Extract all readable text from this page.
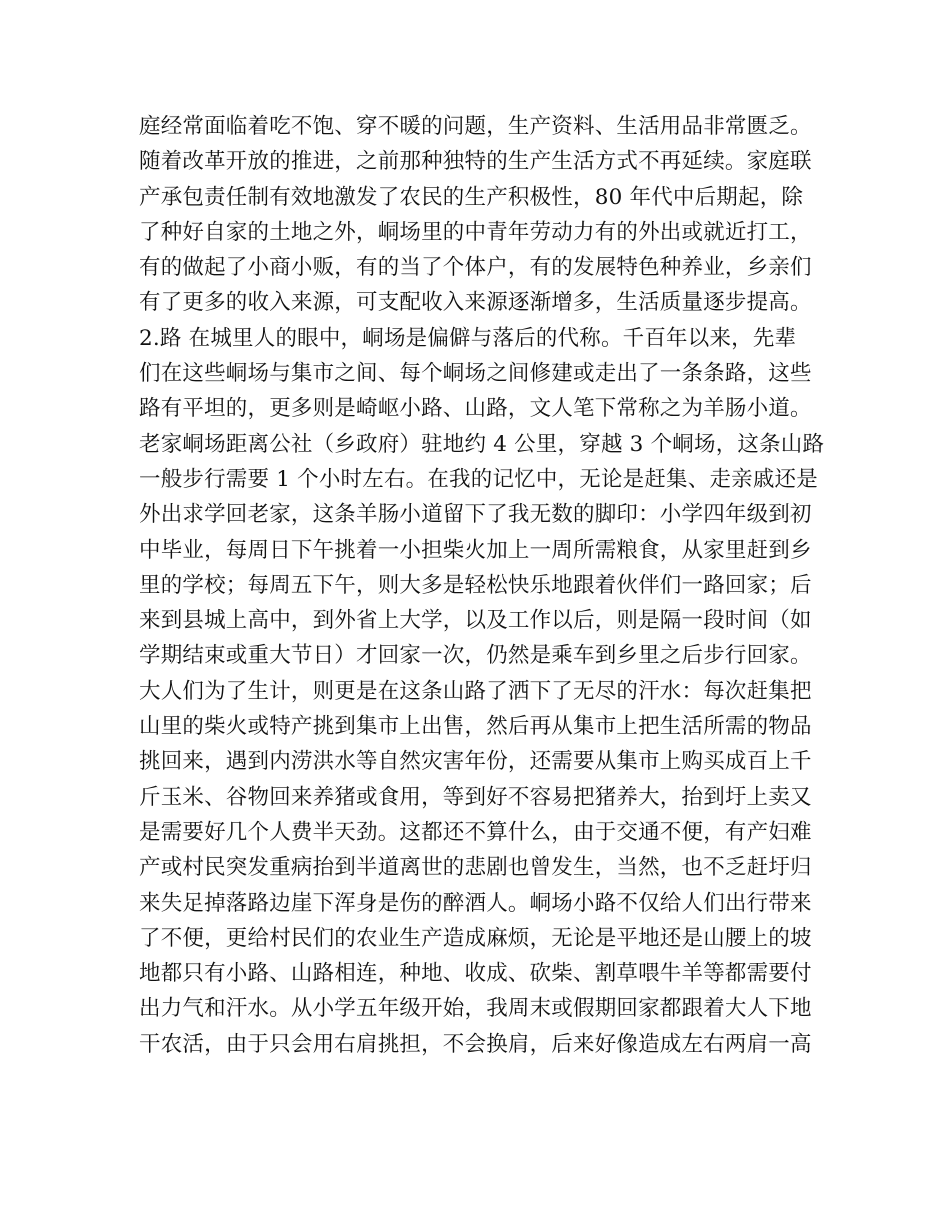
庭经常面临着吃不饱、穿不暖的问题，生产资料、生活用品非常匮乏。
随着改革开放的推进，之前那种独特的生产生活方式不再延续。家庭联
产承包责任制有效地激发了农民的生产积极性，80 年代中后期起，除
了种好自家的土地之外，峒场里的中青年劳动力有的外出或就近打工，
有的做起了小商小贩，有的当了个体户，有的发展特色种养业，乡亲们
有了更多的收入来源，可支配收入来源逐渐增多，生活质量逐步提高。
2.路 在城里人的眼中，峒场是偏僻与落后的代称。千百年以来，先辈
们在这些峒场与集市之间、每个峒场之间修建或走出了一条条路，这些
路有平坦的，更多则是崎岖小路、山路，文人笔下常称之为羊肠小道。
老家峒场距离公社（乡政府）驻地约 4 公里，穿越 3 个峒场，这条山路
一般步行需要 1 个小时左右。在我的记忆中，无论是赶集、走亲戚还是
外出求学回老家，这条羊肠小道留下了我无数的脚印：小学四年级到初
中毕业，每周日下午挑着一小担柴火加上一周所需粮食，从家里赶到乡
里的学校；每周五下午，则大多是轻松快乐地跟着伙伴们一路回家；后
来到县城上高中，到外省上大学，以及工作以后，则是隔一段时间（如
学期结束或重大节日）才回家一次，仍然是乘车到乡里之后步行回家。
大人们为了生计，则更是在这条山路了洒下了无尽的汗水：每次赶集把
山里的柴火或特产挑到集市上出售，然后再从集市上把生活所需的物品
挑回来，遇到内涝洪水等自然灾害年份，还需要从集市上购买成百上千
斤玉米、谷物回来养猪或食用，等到好不容易把猪养大，抬到圩上卖又
是需要好几个人费半天劲。这都还不算什么，由于交通不便，有产妇难
产或村民突发重病抬到半道离世的悲剧也曾发生，当然，也不乏赶圩归
来失足掉落路边崖下浑身是伤的醉酒人。峒场小路不仅给人们出行带来
了不便，更给村民们的农业生产造成麻烦，无论是平地还是山腰上的坡
地都只有小路、山路相连，种地、收成、砍柴、割草喂牛羊等都需要付
出力气和汗水。从小学五年级开始，我周末或假期回家都跟着大人下地
干农活，由于只会用右肩挑担，不会换肩，后来好像造成左右两肩一高
